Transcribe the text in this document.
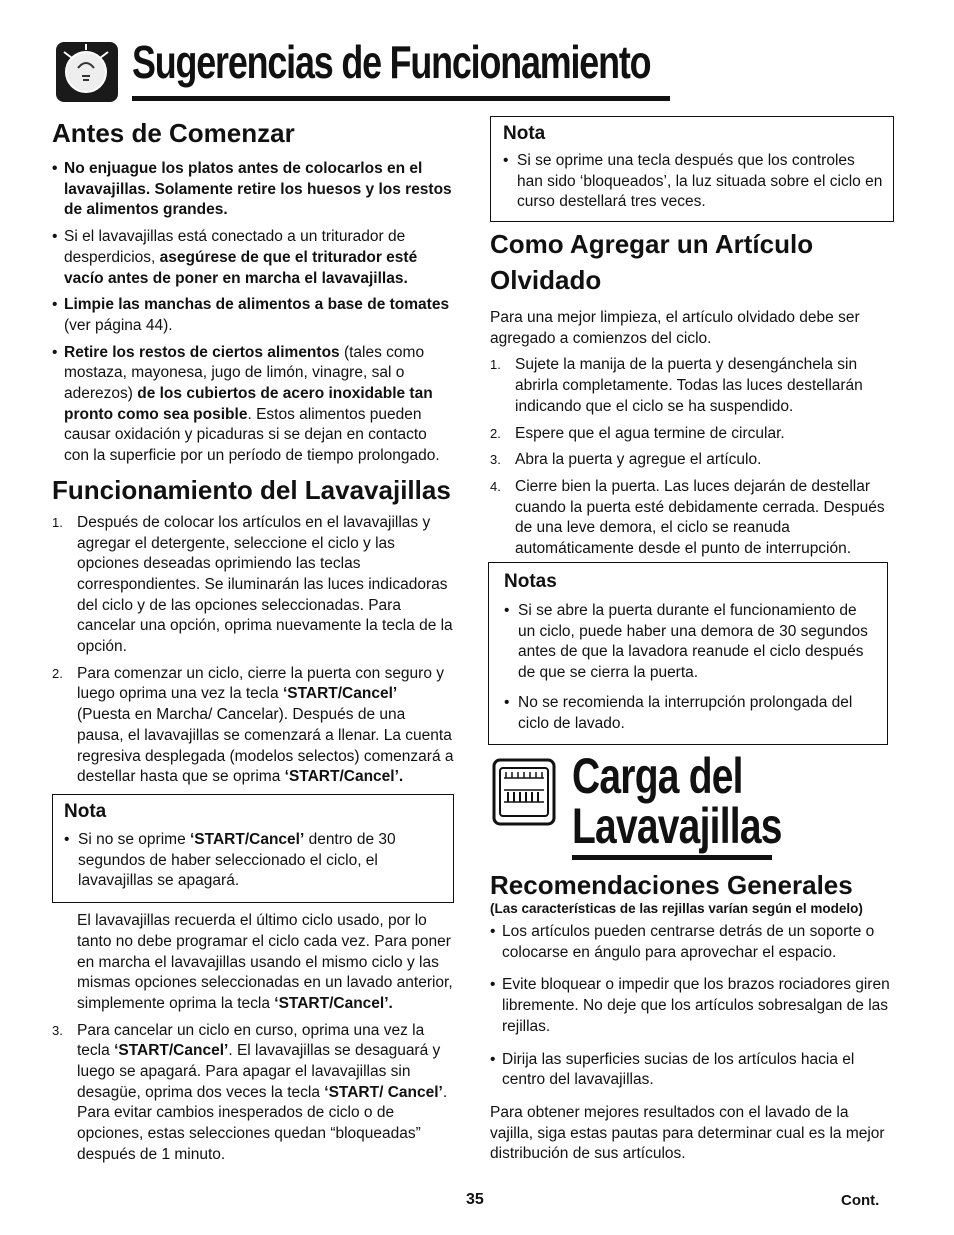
Sugerencias de Funcionamiento
Antes de Comenzar
• No enjuague los platos antes de colocarlos en el lavavajillas. Solamente retire los huesos y los restos de alimentos grandes.
• Si el lavavajillas está conectado a un triturador de desperdicios, asegúrese de que el triturador esté vacío antes de poner en marcha el lavavajillas.
• Limpie las manchas de alimentos a base de tomates (ver página 44).
• Retire los restos de ciertos alimentos (tales como mostaza, mayonesa, jugo de limón, vinagre, sal o aderezos) de los cubiertos de acero inoxidable tan pronto como sea posible. Estos alimentos pueden causar oxidación y picaduras si se dejan en contacto con la superficie por un período de tiempo prolongado.
Funcionamiento del Lavavajillas
1. Después de colocar los artículos en el lavavajillas y agregar el detergente, seleccione el ciclo y las opciones deseadas oprimiendo las teclas correspondientes. Se iluminarán las luces indicadoras del ciclo y de las opciones seleccionadas. Para cancelar una opción, oprima nuevamente la tecla de la opción.
2. Para comenzar un ciclo, cierre la puerta con seguro y luego oprima una vez la tecla ‘START/Cancel’ (Puesta en Marcha/ Cancelar). Después de una pausa, el lavavajillas se comenzará a llenar. La cuenta regresiva desplegada (modelos selectos) comenzará a destellar hasta que se oprima ‘START/Cancel’.
Nota
• Si no se oprime ‘START/Cancel’ dentro de 30 segundos de haber seleccionado el ciclo, el lavavajillas se apagará.

El lavavajillas recuerda el último ciclo usado, por lo tanto no debe programar el ciclo cada vez. Para poner en marcha el lavavajillas usando el mismo ciclo y las mismas opciones seleccionadas en un lavado anterior, simplemente oprima la tecla ‘START/Cancel’.

3. Para cancelar un ciclo en curso, oprima una vez la tecla ‘START/Cancel’. El lavavajillas se desaguará y luego se apagará. Para apagar el lavavajillas sin desagüe, oprima dos veces la tecla ‘START/ Cancel’. Para evitar cambios inesperados de ciclo o de opciones, estas selecciones quedan “bloqueadas” después de 1 minuto.
Nota
• Si se oprime una tecla después que los controles han sido ‘bloqueados’, la luz situada sobre el ciclo en curso destellará tres veces.
Como Agregar un Artículo Olvidado

Para una mejor limpieza, el artículo olvidado debe ser agregado a comienzos del ciclo.

1. Sujete la manija de la puerta y desengánchela sin abrirla completamente. Todas las luces destellarán indicando que el ciclo se ha suspendido.
2. Espere que el agua termine de circular.
3. Abra la puerta y agregue el artículo.
4. Cierre bien la puerta. Las luces dejarán de destellar cuando la puerta esté debidamente cerrada. Después de una leve demora, el ciclo se reanuda automáticamente desde el punto de interrupción.
Notas
• Si se abre la puerta durante el funcionamiento de un ciclo, puede haber una demora de 30 segundos antes de que la lavadora reanude el ciclo después de que se cierra la puerta.
• No se recomienda la interrupción prolongada del ciclo de lavado.
Carga del
Lavavajillas
Recomendaciones Generales

(Las características de las rejillas varían según el modelo)

• Los artículos pueden centrarse detrás de un soporte o colocarse en ángulo para aprovechar el espacio.
• Evite bloquear o impedir que los brazos rociadores giren libremente. No deje que los artículos sobresalgan de las rejillas.
• Dirija las superficies sucias de los artículos hacia el centro del lavavajillas.

Para obtener mejores resultados con el lavado de la vajilla, siga estas pautas para determinar cual es la mejor distribución de sus artículos.

35	Cont.
